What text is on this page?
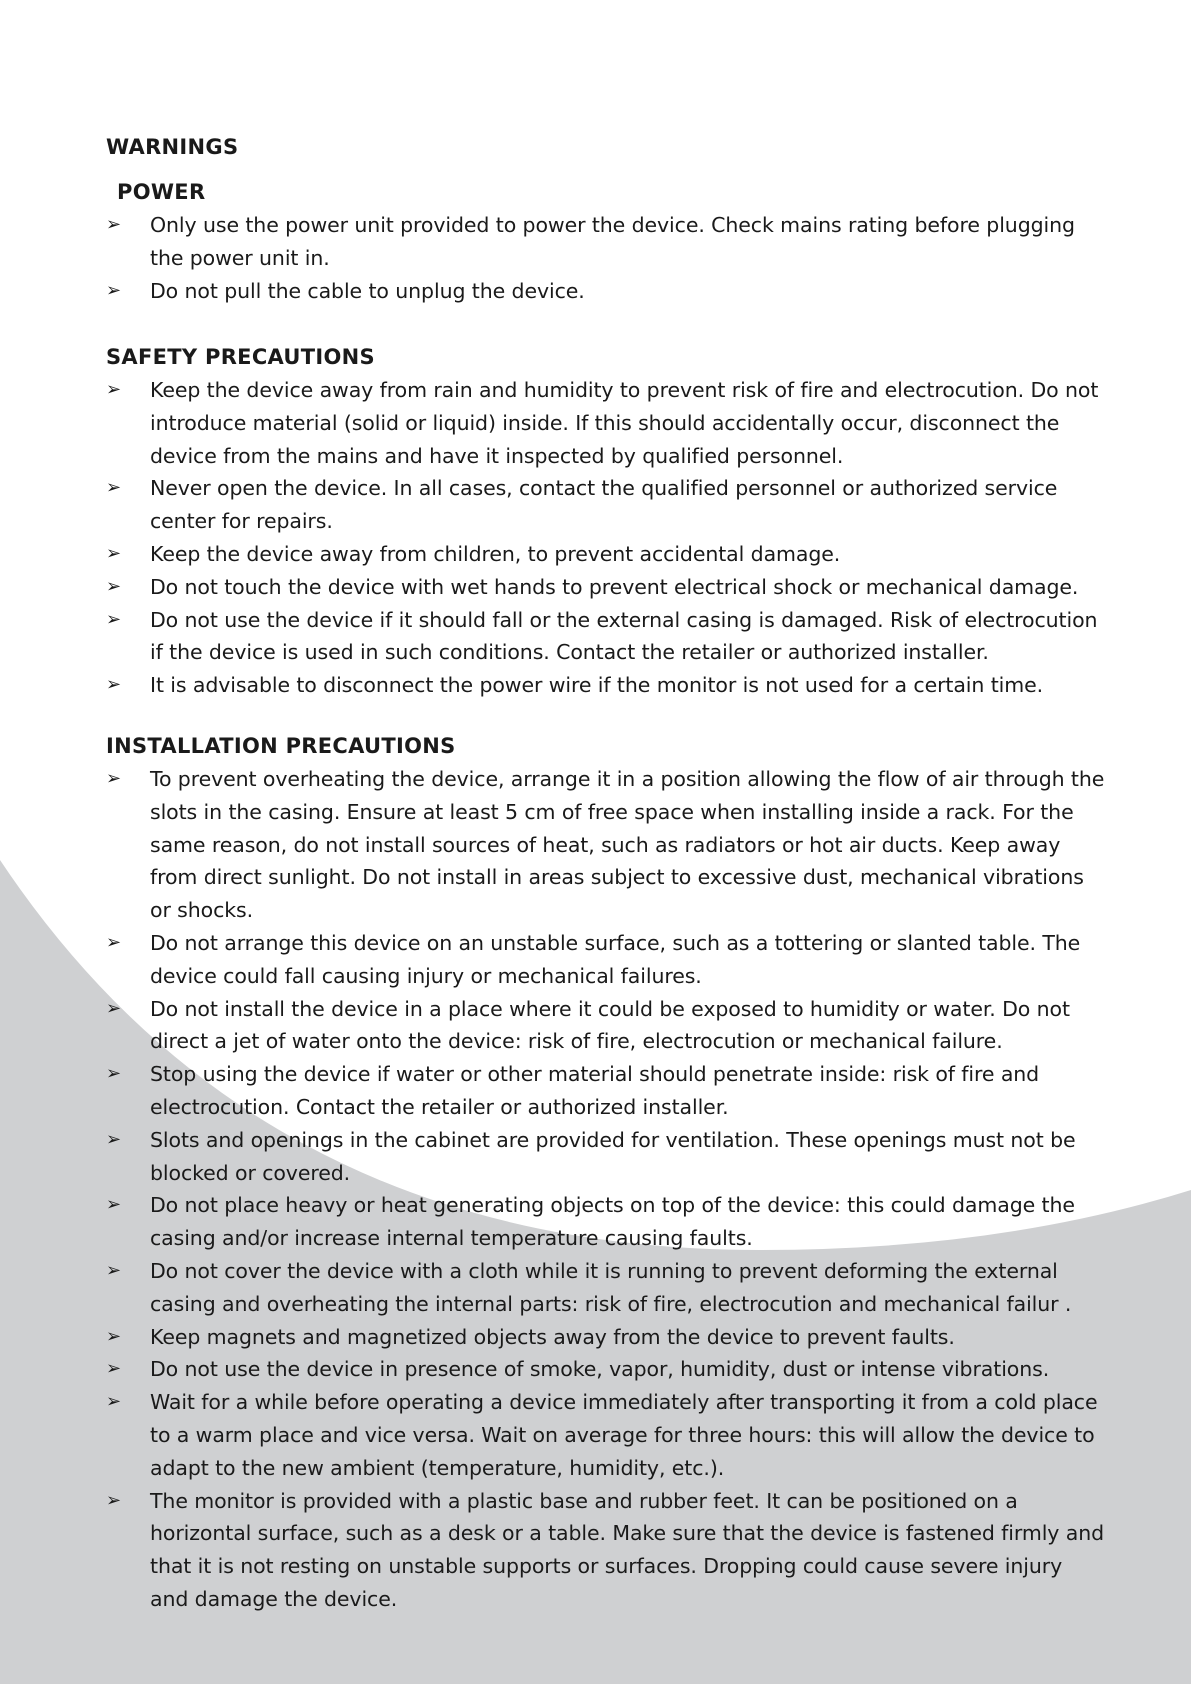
WARNINGS
POWER
➢	Only use the power unit provided to power the device. Check mains rating before plugging the power unit in.
➢	Do not pull the cable to unplug the device.
SAFETY PRECAUTIONS
➢	Keep the device away from rain and humidity to prevent risk of fire and electrocution. Do not introduce material (solid or liquid) inside. If this should accidentally occur, disconnect the device from the mains and have it inspected by qualified personnel.
➢	Never open the device. In all cases, contact the qualified personnel or authorized service center for repairs.
➢	Keep the device away from children, to prevent accidental damage.
➢	Do not touch the device with wet hands to prevent electrical shock or mechanical damage.
➢	Do not use the device if it should fall or the external casing is damaged. Risk of electrocution if the device is used in such conditions. Contact the retailer or authorized installer.
➢	It is advisable to disconnect the power wire if the monitor is not used for a certain time.
INSTALLATION PRECAUTIONS
➢	To prevent overheating the device, arrange it in a position allowing the flow of air through the slots in the casing. Ensure at least 5 cm of free space when installing inside a rack. For the same reason, do not install sources of heat, such as radiators or hot air ducts. Keep away from direct sunlight. Do not install in areas subject to excessive dust, mechanical vibrations or shocks.
➢	Do not arrange this device on an unstable surface, such as a tottering or slanted table. The device could fall causing injury or mechanical failures.
➢	Do not install the device in a place where it could be exposed to humidity or water. Do not direct a jet of water onto the device: risk of fire, electrocution or mechanical failure.
➢	Stop using the device if water or other material should penetrate inside: risk of fire and electrocution. Contact the retailer or authorized installer.
➢	Slots and openings in the cabinet are provided for ventilation. These openings must not be blocked or covered.
➢	Do not place heavy or heat generating objects on top of the device: this could damage the casing and/or increase internal temperature causing faults.
➢	Do not cover the device with a cloth while it is running to prevent deforming the external casing and overheating the internal parts: risk of fire, electrocution and mechanical failur .
➢	Keep magnets and magnetized objects away from the device to prevent faults.
➢	Do not use the device in presence of smoke, vapor, humidity, dust or intense vibrations.
➢	Wait for a while before operating a device immediately after transporting it from a cold place to a warm place and vice versa. Wait on average for three hours: this will allow the device to adapt to the new ambient (temperature, humidity, etc.).
➢	The monitor is provided with a plastic base and rubber feet. It can be positioned on a horizontal surface, such as a desk or a table. Make sure that the device is fastened firmly and that it is not resting on unstable supports or surfaces. Dropping could cause severe injury and damage the device.
